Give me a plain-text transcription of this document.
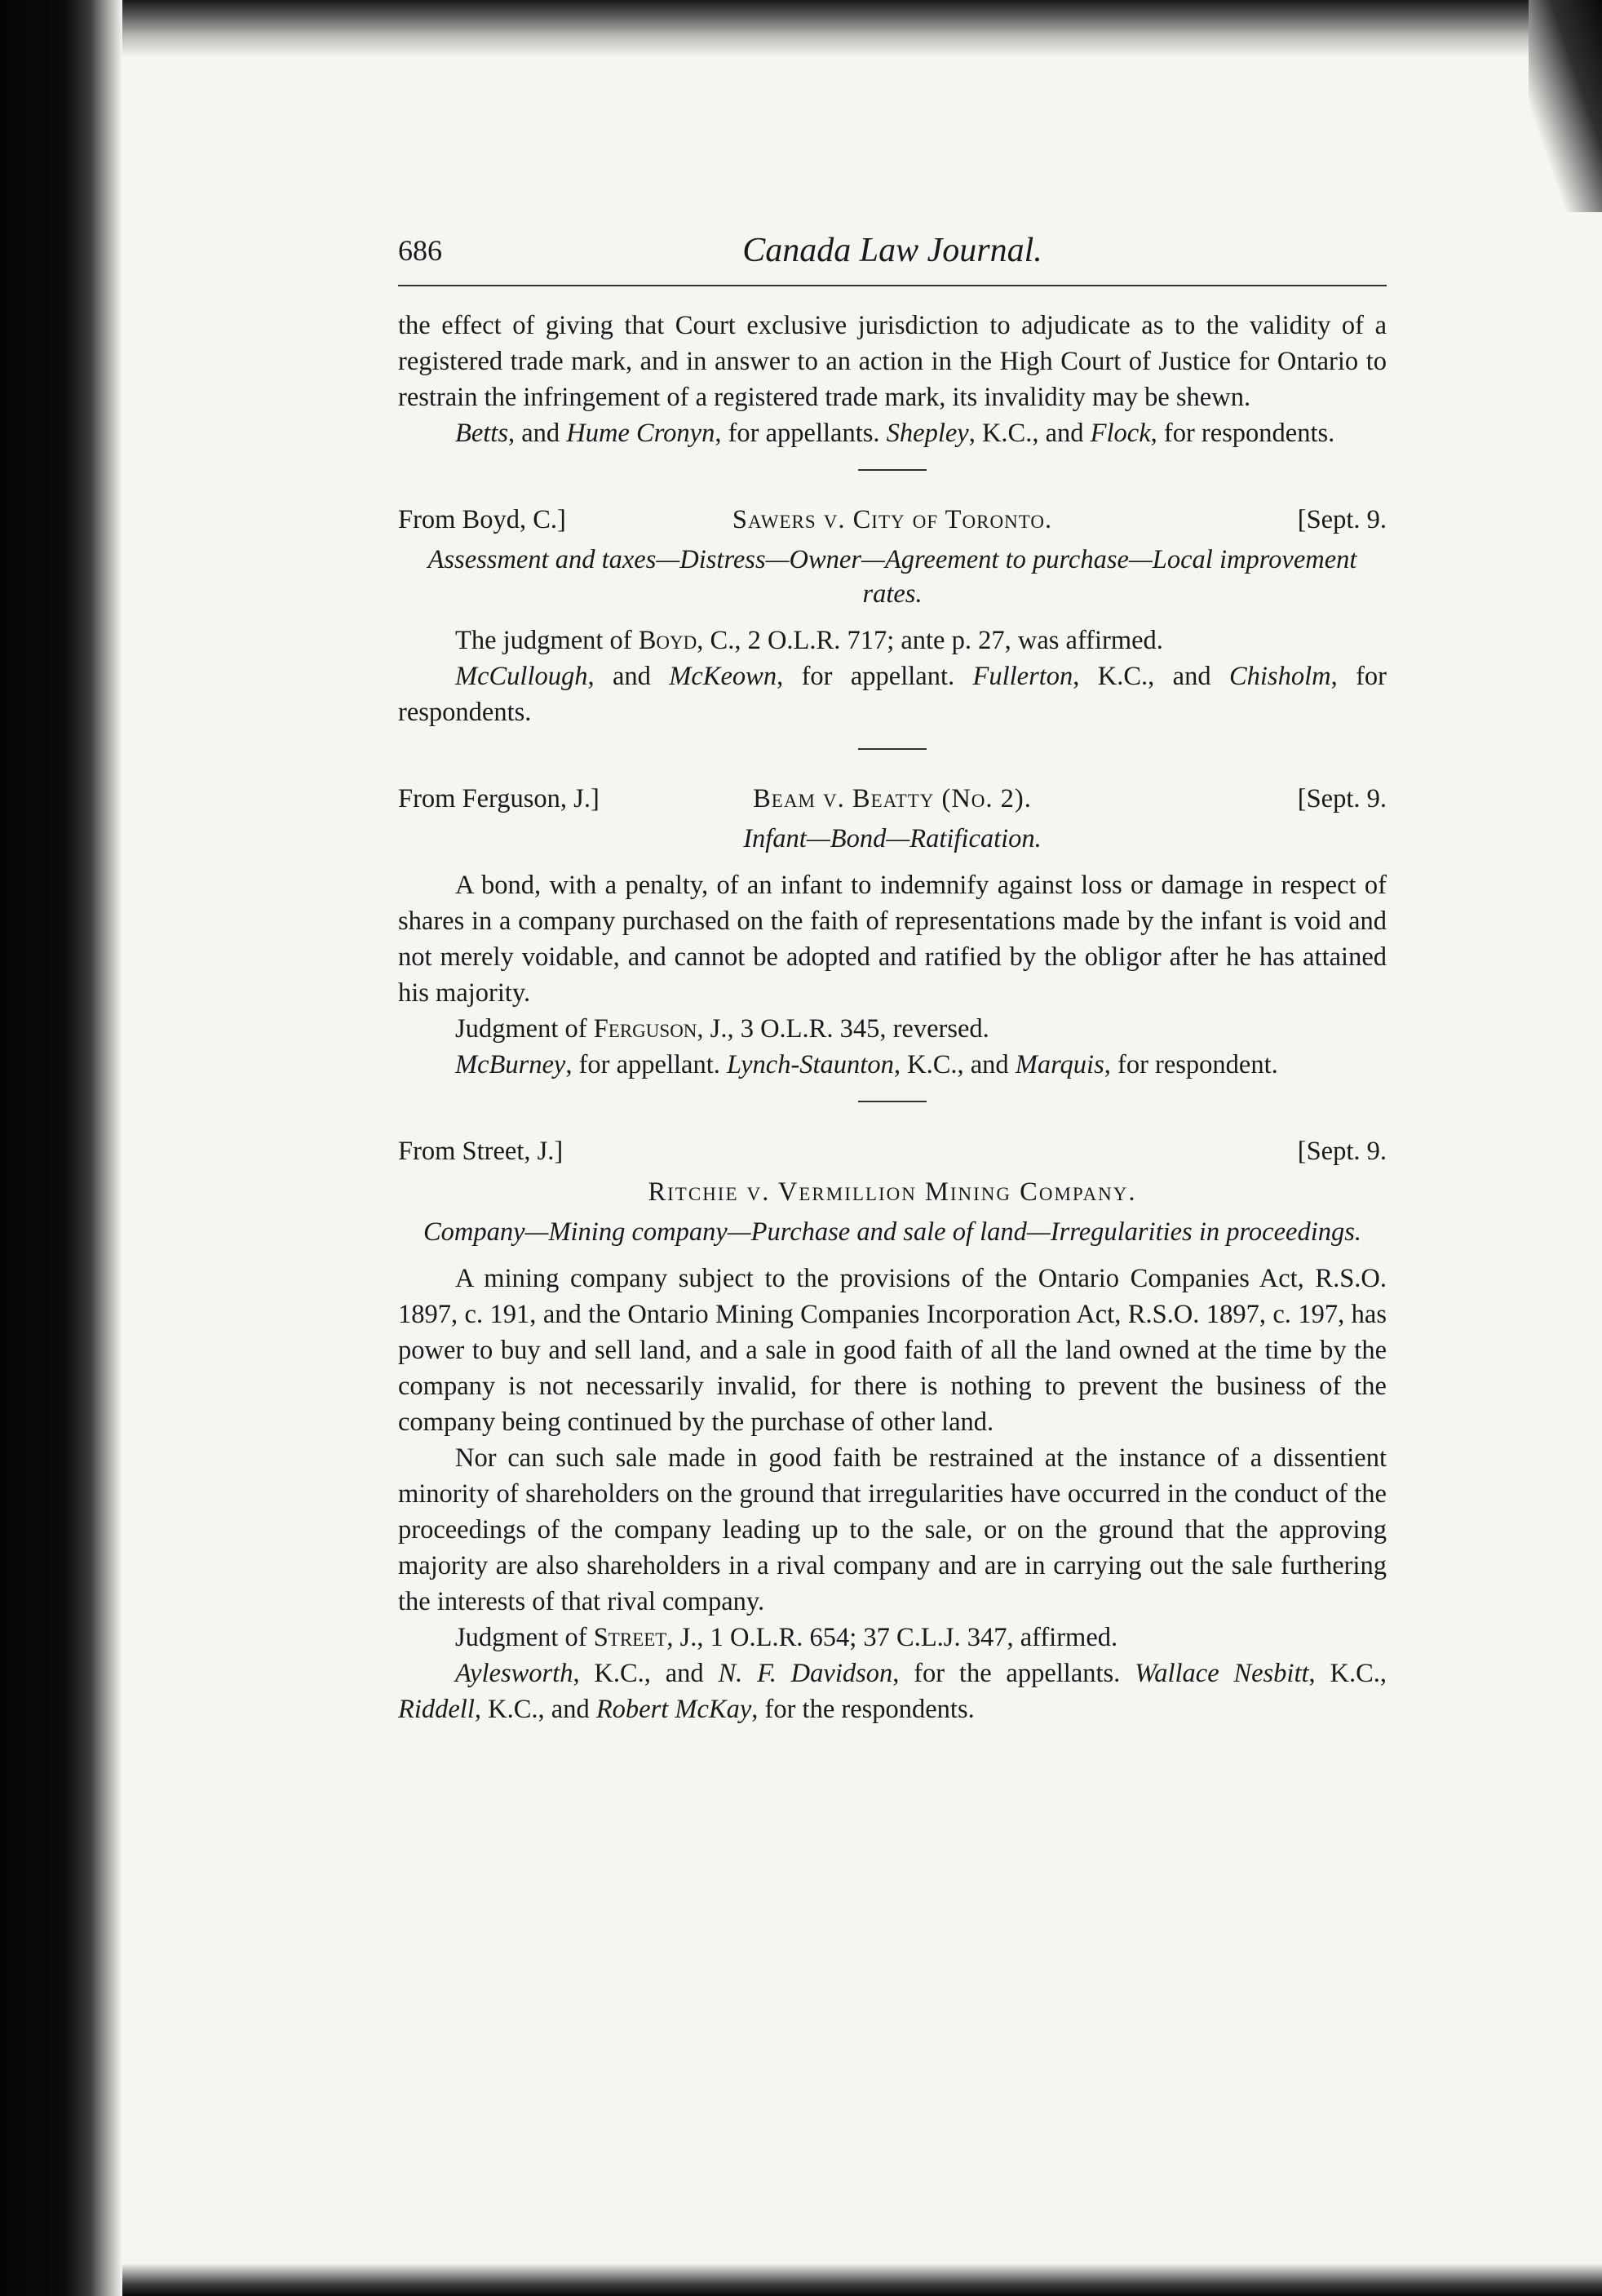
686	Canada Law Journal.

the effect of giving that Court exclusive jurisdiction to adjudicate as to the validity of a registered trade mark, and in answer to an action in the High Court of Justice for Ontario to restrain the infringement of a registered trade mark, its invalidity may be shewn.

Betts, and Hume Cronyn, for appellants. Shepley, K.C., and Flock, for respondents.

From Boyd, C.]	Sawers v. City of Toronto.	[Sept. 9.

Assessment and taxes—Distress—Owner—Agreement to purchase—Local improvement rates.

The judgment of Boyd, C., 2 O.L.R. 717; ante p. 27, was affirmed.

McCullough, and McKeown, for appellant. Fullerton, K.C., and Chisholm, for respondents.

From Ferguson, J.]	Beam v. Beatty (No. 2).	[Sept. 9.

Infant—Bond—Ratification.

A bond, with a penalty, of an infant to indemnify against loss or damage in respect of shares in a company purchased on the faith of representations made by the infant is void and not merely voidable, and cannot be adopted and ratified by the obligor after he has attained his majority.

Judgment of Ferguson, J., 3 O.L.R. 345, reversed.

McBurney, for appellant. Lynch-Staunton, K.C., and Marquis, for respondent.

From Street, J.]	[Sept. 9.

Ritchie v. Vermillion Mining Company.

Company—Mining company—Purchase and sale of land—Irregularities in proceedings.

A mining company subject to the provisions of the Ontario Companies Act, R.S.O. 1897, c. 191, and the Ontario Mining Companies Incorporation Act, R.S.O. 1897, c. 197, has power to buy and sell land, and a sale in good faith of all the land owned at the time by the company is not necessarily invalid, for there is nothing to prevent the business of the company being continued by the purchase of other land.

Nor can such sale made in good faith be restrained at the instance of a dissentient minority of shareholders on the ground that irregularities have occurred in the conduct of the proceedings of the company leading up to the sale, or on the ground that the approving majority are also shareholders in a rival company and are in carrying out the sale furthering the interests of that rival company.

Judgment of Street, J., 1 O.L.R. 654; 37 C.L.J. 347, affirmed.

Aylesworth, K.C., and N. F. Davidson, for the appellants. Wallace Nesbitt, K.C., Riddell, K.C., and Robert McKay, for the respondents.
